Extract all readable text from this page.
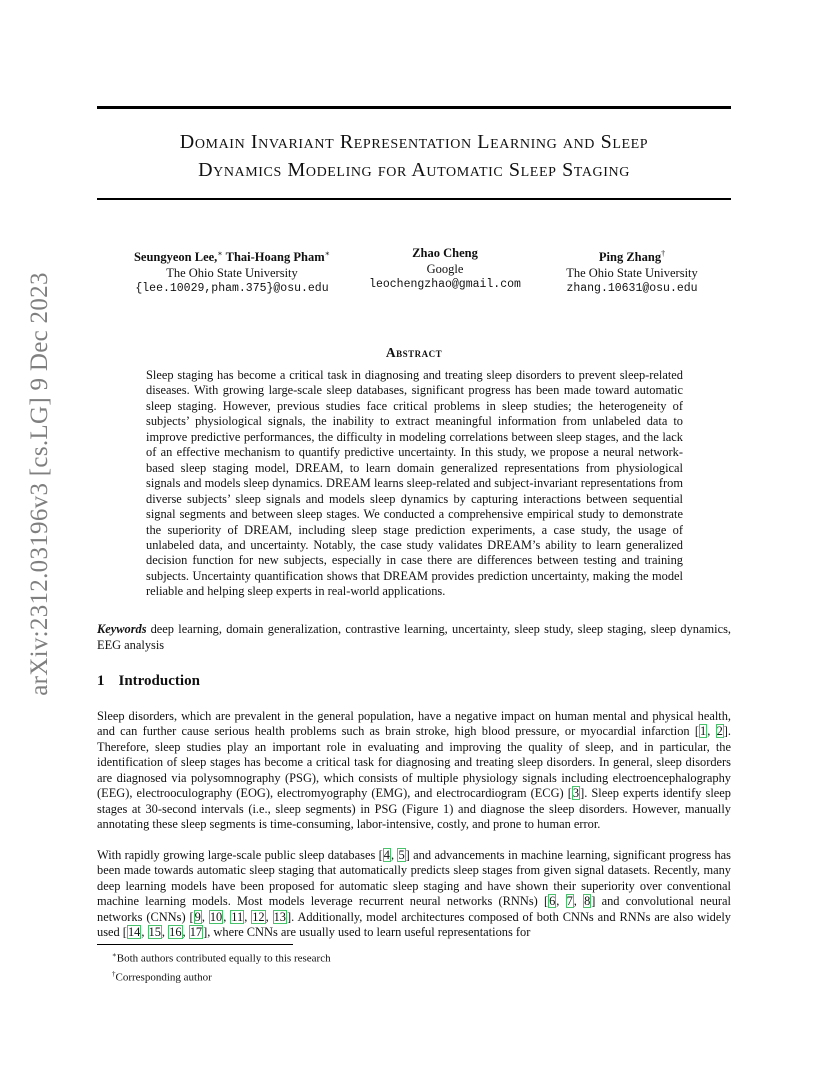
arXiv:2312.03196v3 [cs.LG] 9 Dec 2023
Domain Invariant Representation Learning and Sleep
Dynamics Modeling for Automatic Sleep Staging
Seungyeon Lee,∗ Thai-Hoang Pham∗
The Ohio State University
{lee.10029,pham.375}@osu.edu
Zhao Cheng
Google
leochengzhao@gmail.com
Ping Zhang†
The Ohio State University
zhang.10631@osu.edu
Abstract

Sleep staging has become a critical task in diagnosing and treating sleep disorders to prevent sleep-related diseases. With growing large-scale sleep databases, significant progress has been made toward automatic sleep staging. However, previous studies face critical problems in sleep studies; the heterogeneity of subjects’ physiological signals, the inability to extract meaningful information from unlabeled data to improve predictive performances, the difficulty in modeling correlations between sleep stages, and the lack of an effective mechanism to quantify predictive uncertainty. In this study, we propose a neural network-based sleep staging model, DREAM, to learn domain generalized representations from physiological signals and models sleep dynamics. DREAM learns sleep-related and subject-invariant representations from diverse subjects’ sleep signals and models sleep dynamics by capturing interactions between sequential signal segments and between sleep stages. We conducted a comprehensive empirical study to demonstrate the superiority of DREAM, including sleep stage prediction experiments, a case study, the usage of unlabeled data, and uncertainty. Notably, the case study validates DREAM’s ability to learn generalized decision function for new subjects, especially in case there are differences between testing and training subjects. Uncertainty quantification shows that DREAM provides prediction uncertainty, making the model reliable and helping sleep experts in real-world applications.

Keywords deep learning, domain generalization, contrastive learning, uncertainty, sleep study, sleep staging, sleep dynamics, EEG analysis

1 Introduction

Sleep disorders, which are prevalent in the general population, have a negative impact on human mental and physical health, and can further cause serious health problems such as brain stroke, high blood pressure, or myocardial infarction [1, 2]. Therefore, sleep studies play an important role in evaluating and improving the quality of sleep, and in particular, the identification of sleep stages has become a critical task for diagnosing and treating sleep disorders. In general, sleep disorders are diagnosed via polysomnography (PSG), which consists of multiple physiology signals including electroencephalography (EEG), electrooculography (EOG), electromyography (EMG), and electrocardiogram (ECG) [3]. Sleep experts identify sleep stages at 30-second intervals (i.e., sleep segments) in PSG (Figure 1) and diagnose the sleep disorders. However, manually annotating these sleep segments is time-consuming, labor-intensive, costly, and prone to human error.

With rapidly growing large-scale public sleep databases [4, 5] and advancements in machine learning, significant progress has been made towards automatic sleep staging that automatically predicts sleep stages from given signal datasets. Recently, many deep learning models have been proposed for automatic sleep staging and have shown their superiority over conventional machine learning models. Most models leverage recurrent neural networks (RNNs) [6, 7, 8] and convolutional neural networks (CNNs) [9, 10, 11, 12, 13]. Additionally, model architectures composed of both CNNs and RNNs are also widely used [14, 15, 16, 17], where CNNs are usually used to learn useful representations for

∗Both authors contributed equally to this research
†Corresponding author
